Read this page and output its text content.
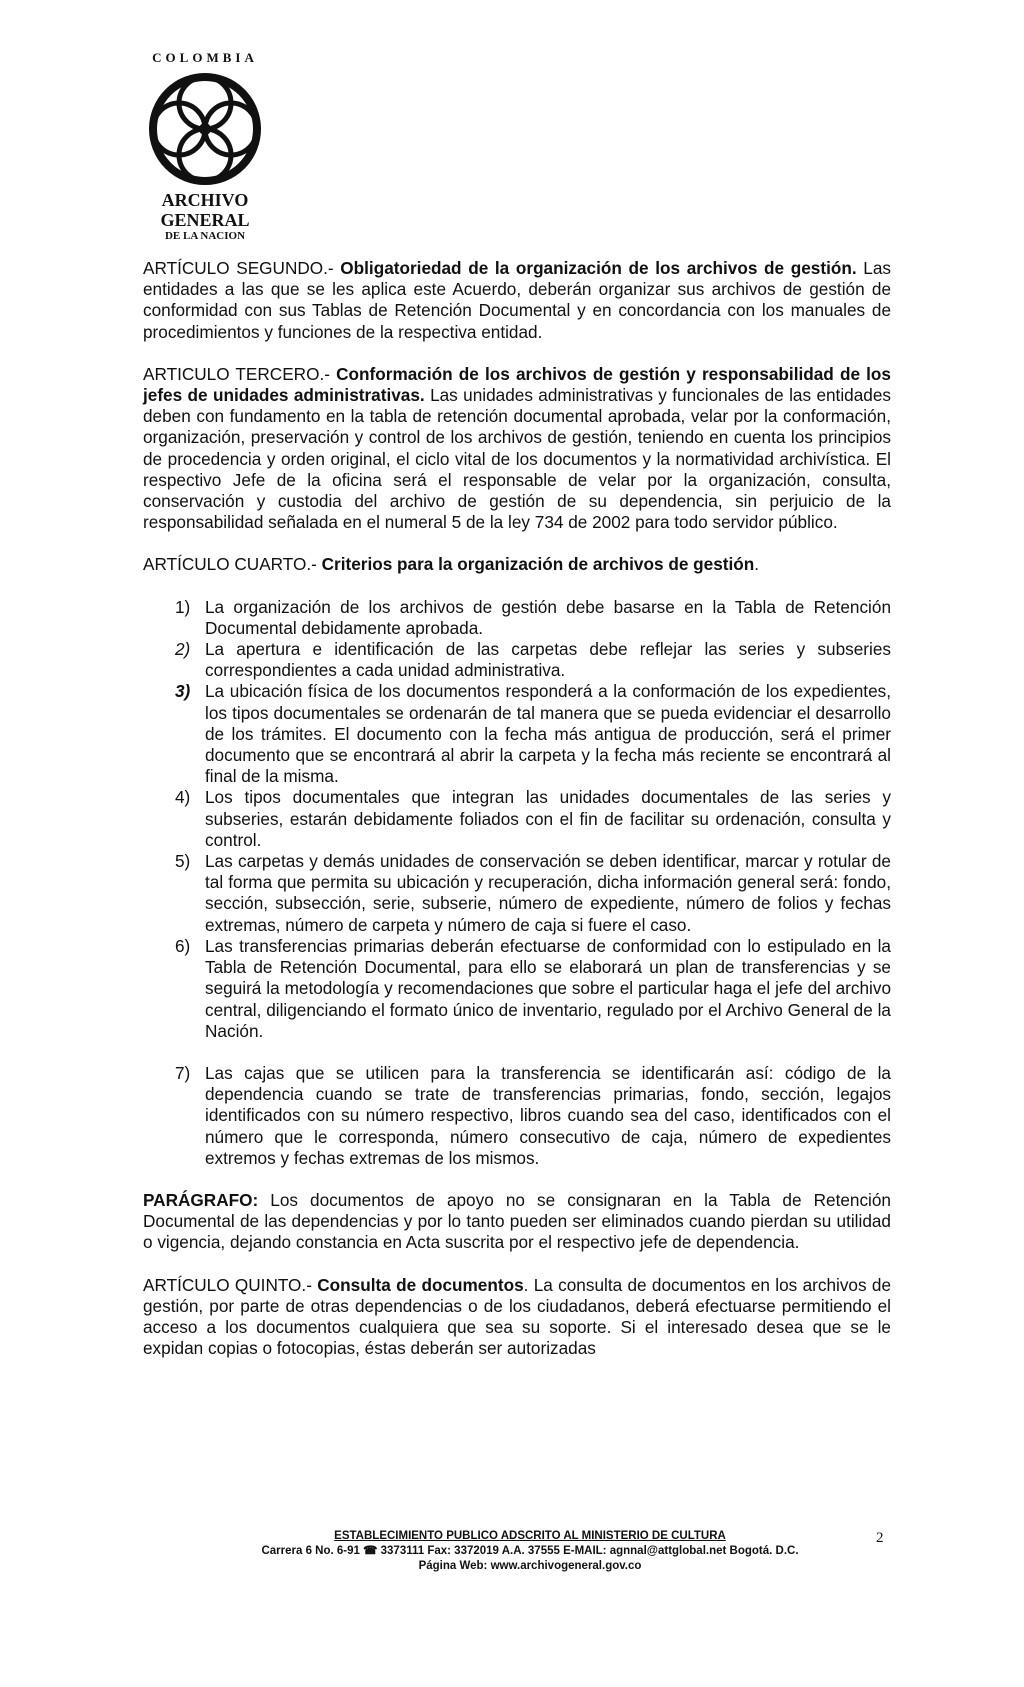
COLOMBIA
ARCHIVO
GENERAL
DE LA NACION

ARTÍCULO SEGUNDO.- Obligatoriedad de la organización de los archivos de gestión. Las entidades a las que se les aplica este Acuerdo, deberán organizar sus archivos de gestión de conformidad con sus Tablas de Retención Documental y en concordancia con los manuales de procedimientos y funciones de la respectiva entidad.

ARTICULO TERCERO.- Conformación de los archivos de gestión y responsabilidad de los jefes de unidades administrativas. Las unidades administrativas y funcionales de las entidades deben con fundamento en la tabla de retención documental aprobada, velar por la conformación, organización, preservación y control de los archivos de gestión, teniendo en cuenta los principios de procedencia y orden original, el ciclo vital de los documentos y la normatividad archivística. El respectivo Jefe de la oficina será el responsable de velar por la organización, consulta, conservación y custodia del archivo de gestión de su dependencia, sin perjuicio de la responsabilidad señalada en el numeral 5 de la ley 734 de 2002 para todo servidor público.

ARTÍCULO CUARTO.- Criterios para la organización de archivos de gestión.

1) La organización de los archivos de gestión debe basarse en la Tabla de Retención Documental debidamente aprobada.
2) La apertura e identificación de las carpetas debe reflejar las series y subseries correspondientes a cada unidad administrativa.
3) La ubicación física de los documentos responderá a la conformación de los expedientes, los tipos documentales se ordenarán de tal manera que se pueda evidenciar el desarrollo de los trámites. El documento con la fecha más antigua de producción, será el primer documento que se encontrará al abrir la carpeta y la fecha más reciente se encontrará al final de la misma.
4) Los tipos documentales que integran las unidades documentales de las series y subseries, estarán debidamente foliados con el fin de facilitar su ordenación, consulta y control.
5) Las carpetas y demás unidades de conservación se deben identificar, marcar y rotular de tal forma que permita su ubicación y recuperación, dicha información general será: fondo, sección, subsección, serie, subserie, número de expediente, número de folios y fechas extremas, número de carpeta y número de caja si fuere el caso.
6) Las transferencias primarias deberán efectuarse de conformidad con lo estipulado en la Tabla de Retención Documental, para ello se elaborará un plan de transferencias y se seguirá la metodología y recomendaciones que sobre el particular haga el jefe del archivo central, diligenciando el formato único de inventario, regulado por el Archivo General de la Nación.
7) Las cajas que se utilicen para la transferencia se identificarán así: código de la dependencia cuando se trate de transferencias primarias, fondo, sección, legajos identificados con su número respectivo, libros cuando sea del caso, identificados con el número que le corresponda, número consecutivo de caja, número de expedientes extremos y fechas extremas de los mismos.

PARÁGRAFO: Los documentos de apoyo no se consignaran en la Tabla de Retención Documental de las dependencias y por lo tanto pueden ser eliminados cuando pierdan su utilidad o vigencia, dejando constancia en Acta suscrita por el respectivo jefe de dependencia.

ARTÍCULO QUINTO.- Consulta de documentos. La consulta de documentos en los archivos de gestión, por parte de otras dependencias o de los ciudadanos, deberá efectuarse permitiendo el acceso a los documentos cualquiera que sea su soporte. Si el interesado desea que se le expidan copias o fotocopias, éstas deberán ser autorizadas

ESTABLECIMIENTO PUBLICO ADSCRITO AL MINISTERIO DE CULTURA
Carrera 6 No. 6-91 ☎ 3373111 Fax: 3372019 A.A. 37555 E-MAIL: agnnal@attglobal.net Bogotá. D.C.
Página Web: www.archivogeneral.gov.co
2
